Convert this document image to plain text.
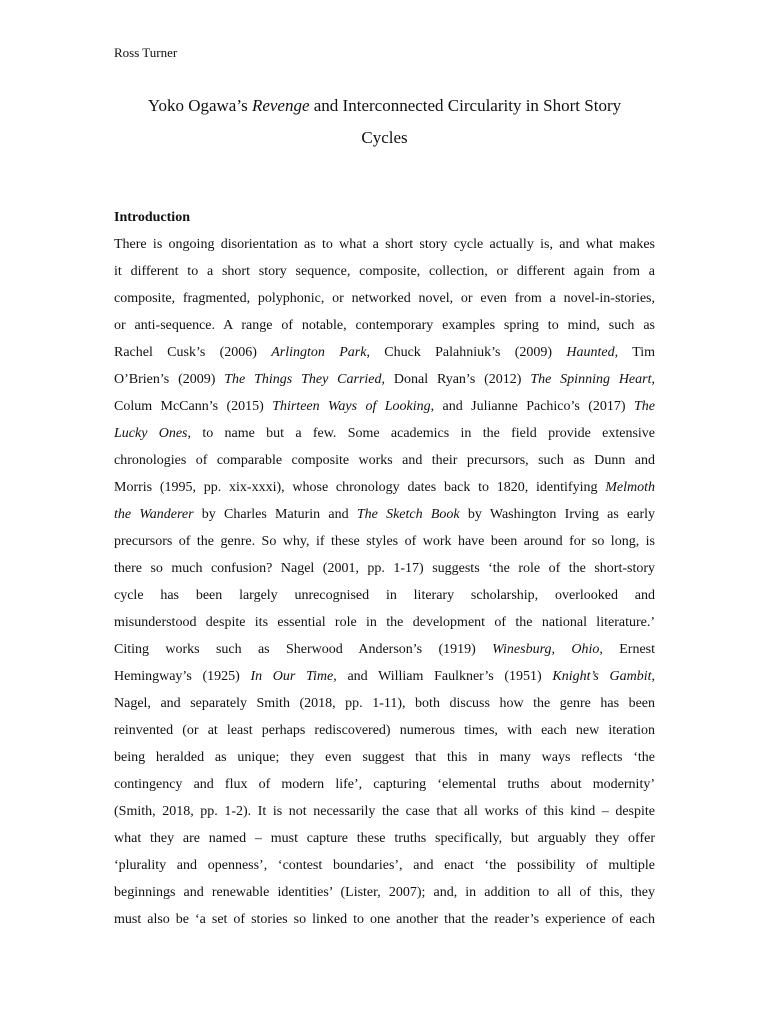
Ross Turner
Yoko Ogawa’s Revenge and Interconnected Circularity in Short Story
Cycles
Introduction
There is ongoing disorientation as to what a short story cycle actually is, and what makes
it different to a short story sequence, composite, collection, or different again from a
composite, fragmented, polyphonic, or networked novel, or even from a novel-in-stories,
or anti-sequence. A range of notable, contemporary examples spring to mind, such as
Rachel Cusk’s (2006) Arlington Park, Chuck Palahniuk’s (2009) Haunted, Tim
O’Brien’s (2009) The Things They Carried, Donal Ryan’s (2012) The Spinning Heart,
Colum McCann’s (2015) Thirteen Ways of Looking, and Julianne Pachico’s (2017) The
Lucky Ones, to name but a few. Some academics in the field provide extensive
chronologies of comparable composite works and their precursors, such as Dunn and
Morris (1995, pp. xix-xxxi), whose chronology dates back to 1820, identifying Melmoth
the Wanderer by Charles Maturin and The Sketch Book by Washington Irving as early
precursors of the genre. So why, if these styles of work have been around for so long, is
there so much confusion? Nagel (2001, pp. 1-17) suggests ‘the role of the short-story
cycle has been largely unrecognised in literary scholarship, overlooked and
misunderstood despite its essential role in the development of the national literature.’
Citing works such as Sherwood Anderson’s (1919) Winesburg, Ohio, Ernest
Hemingway’s (1925) In Our Time, and William Faulkner’s (1951) Knight’s Gambit,
Nagel, and separately Smith (2018, pp. 1-11), both discuss how the genre has been
reinvented (or at least perhaps rediscovered) numerous times, with each new iteration
being heralded as unique; they even suggest that this in many ways reflects ‘the
contingency and flux of modern life’, capturing ‘elemental truths about modernity’
(Smith, 2018, pp. 1-2). It is not necessarily the case that all works of this kind – despite
what they are named – must capture these truths specifically, but arguably they offer
‘plurality and openness’, ‘contest boundaries’, and enact ‘the possibility of multiple
beginnings and renewable identities’ (Lister, 2007); and, in addition to all of this, they
must also be ‘a set of stories so linked to one another that the reader’s experience of each
